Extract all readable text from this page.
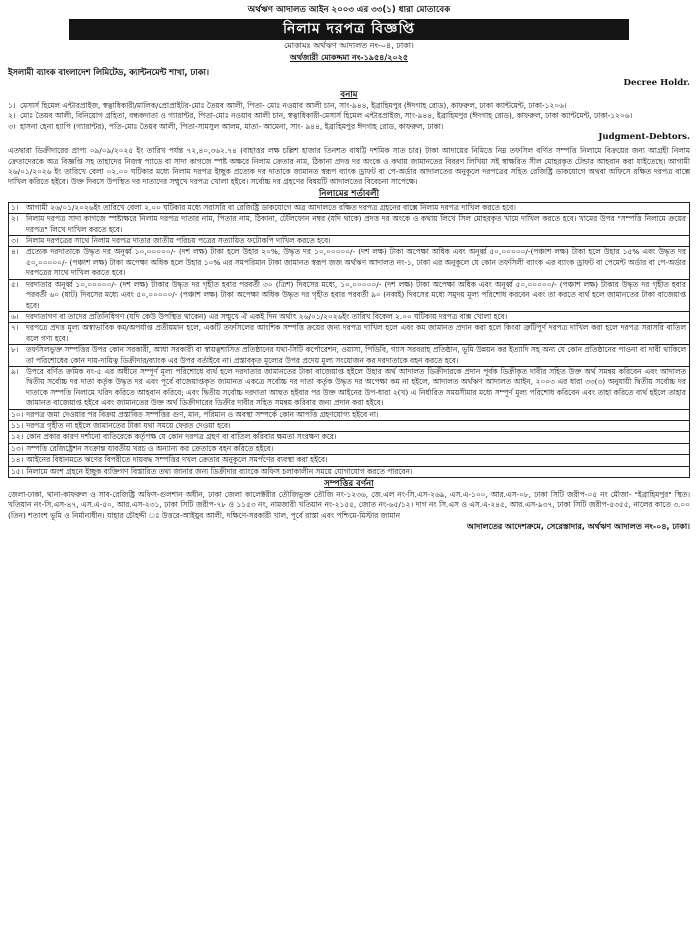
অর্থঋণ আদালত আইন ২০০৩ এর ৩৩(১) ধারা মোতাবেক
নিলাম দরপত্র বিজ্ঞপ্তি
মোকামঃ অর্থঋণ আদালত নং-০৪, ঢাকা।
অর্থজারী মোকদ্দমা নং-১৯৫৪/২০২৫
ইসলামী ব্যাংক বাংলাদেশ লিমিটেড, ক্যান্টনমেন্ট শাখা, ঢাকা।
Decree Holdr.
বনাম
১। মেসার্স হিমেল এন্টারপ্রাইজ, স্বত্বাধিকারী/মালিক/প্রোপ্রাইটর-মোঃ তৈয়ব আলী, পিতা- মোঃ নওয়াব আলী চান, সাং-৯৪৪, ইব্রাহিমপুর (ঈদগাহ রোড), কাফরুল, ঢাকা ক্যান্টমেন্ট, ঢাকা-১২০৬।
২। মোঃ তৈয়ব আলী, বিনিয়োগ গ্রহিতা, বন্ধকদাতা ও গ্যারান্টর, পিতা-মোঃ নওয়াব আলী চান, স্বত্বাধিকারী-মেসার্স হিমেল এন্টারপ্রাইজ, সাং-৯৪৪, ইব্রাহিমপুর (ঈদগাহ রোড), কাফরুল, ঢাকা ক্যান্টমেন্ট, ঢাকা-১২০৬।
৩। হাসনা হেনা হ্যাপি (গ্যারান্টর), পতি-মোঃ তৈয়ব আলী, পিতা-সামসুল আলম, মাতা- আমেনা, সাং- ৯৪৪, ইব্রাহিমপুর ঈদগাহ রোড, কাফরুল, ঢাকা।
Judgment-Debtors.
এতদ্বারা ডিক্রীদারের প্রাপ্য ০৯/০৯/২০২৫ ইং তারিখ পর্যন্ত ৭২,৪০,৩৬২.৭৪ (বাহাত্তর লক্ষ চল্লিশ হাজার তিনশত বাষট্টি দশমিক সাত চার) টাকা আদায়ের নিমিত্তে নিম্ন তফসিল বর্ণিত সম্পত্তি নিলামে বিক্রয়ের জন্য আগ্রহী নিলাম ক্রেতাদেরকে অত্র বিজ্ঞপ্তি সহ তাহাদের নিজস্ব প্যাডে বা সাদা কাগজে স্পষ্ট অক্ষরে নিলাম ক্রেতার নাম, ঠিকানা প্রদত্ত দর অংকে ও কথায় জামানতের বিবরণ লিখিয়া সই স্বাক্ষরিত সীল মোহরকৃত টেন্ডার আহবান করা যাইতেছে। আগামী ২৬/০১/২০২৬ ইং তারিখে বেলা ০২.০০ ঘটিকার মধ্যে নিলাম দরপত্র ইচ্ছুক প্রত্যেক দর দাতাকে জামানত স্বরূপ ব্যাংক ড্রাফট বা পে-অর্ডার আদালতের অনুকূলে দরপত্রের সহিত রেজিষ্ট্রি ডাকযোগে অথবা অফিসে রক্ষিত দরপত্র বাক্সে দাখিল করিতে হইবে। উক্ত দিবসে উপস্থিত দর দাতাদের সম্মুখে দরপত্র খোলা হইবে। সর্বোচ্চ দর গ্রহণের বিষয়টি আদালতের বিবেচনা সাপেক্ষে।
নিলামের শর্তাবলী
১।	আগামী ২৬/০১/২০২৬ইং তারিখে বেলা ২.০০ ঘটিকার মধ্যে সরাসরি বা রেজিষ্ট্রি ডাকযোগে অত্র আদালতে রক্ষিত দরপত্র গ্রহনের বাক্সে নিলাম দরপত্র দাখিল করতে হবে।
২।	নিলাম দরপত্র সাদা কাগজে স্পষ্টাক্ষরে নিলাম দরপত্র দাতার নাম, পিতার নাম, ঠিকানা, টেলিফোন নম্বর (যদি থাকে) প্রদত্ত দর অংকে ও কথায় লিখে সিল মোহরকৃত খামে দাখিল করতে হবে। খামের উপর "সম্পত্তি নিলামে ক্রয়ের দরপত্র" লিখে দাখিল করতে হবে।
৩।	নিলাম দরপত্রের সাথে নিলাম দরপত্র দাতার জাতীয় পরিচয় পত্রের সত্যায়িত ফটোকপি দাখিল করতে হবে।
৪।	প্রত্যেক দরদাতাকে উদ্ধৃত দর অনূর্ধ্ব ১০,০০০০০/- (দশ লক্ষ) টাকা হলে উহার ২০%, উদ্ধৃত দর ১০,০০০০০/- (দশ লক্ষ) টাকা অপেক্ষা অধিক এবং অনূর্ধ্ব ৫০,০০০০০/-(পঞ্চাশ লক্ষ) টাকা হলে উহার ১৫% এবং উদ্ধৃত দর ৫০,০০০০০/- (পঞ্চাশ লক্ষ) টাকা অপেক্ষা অধিক হলে উহার ১০% এর সমপরিমান টাকা জামানত স্বরূপ জজ অর্থঋণ আদালত নং-১, ঢাকা এর অনুকূলে যে কোন তফসিলী ব্যাংক এর ব্যাংক ড্রাফট বা পেমেন্ট অর্ডার বা পে-অর্ডার দরপত্রের সাথে দাখিল করতে হবে।
৫।	দরদাতার অনূর্ধ্ব ১০,০০০০০/- (দশ লক্ষ) টাকার উদ্ধৃত দর গৃহীত হবার পরবর্তী ৩০ (ত্রিশ) দিবসের মধ্যে, ১০,০০০০০/- (দশ লক্ষ) টাকা অপেক্ষা অধিক এবং অনূর্ধ্ব ৫০,০০০০০/- (পঞ্চাশ লক্ষ) টাকার উদ্ধৃত দর গৃহীত হবার পরবর্তী ৬০ (ষাট) দিবসের মধ্যে এবং ৫০,০০০০০/- (পঞ্চাশ লক্ষ) টাকা অপেক্ষা অধিক উদ্ধৃত দর গৃহীত হবার পরবর্তী ৯০ (নব্বই) দিবসের মধ্যে সমুদয় মূল্য পরিশোধ করবেন এবং তা করতে ব্যর্থ হলে জামানতের টাকা বাজেয়াপ্ত হবে।
৬।	দরদাতাগণ বা তাদের প্রতিনিধিগণ (যদি কেউ উপস্থিত থাকেন) এর সম্মুখে ঐ একই দিন অর্থাৎ ২৬/০১/২০২৬ইং তারিখ বিকেল ২.০০ ঘটিকায় দরপত্র বাক্স খোলা হবে।
৭।	দরপত্রে প্রদত্ত মূল্য অস্বাভাবিক কম/অপর্যাপ্ত প্রতীয়মান হলে, একটি তফসিলের আংশিক সম্পত্তি ক্রয়ের জন্য দরপত্র দাখিল হলে এবং কম জামানত প্রদান করা হলে কিংবা ত্রুটিপূর্ণ দরপত্র দাখিল করা হলে দরপত্র সরাসরি বাতিল বলে গণ্য হবে।
৮।	তফসিলভুক্ত সম্পত্তির উপর কোন সরকারী, আধা সরকারী বা স্বায়ত্বশাসিত প্রতিষ্ঠানের যথা-সিটি কর্পোরেশন, ওয়াসা, পিডিবি, গ্যাস সরবরাহ প্রতিষ্ঠান, ভূমি উন্নয়ন কর ইত্যাদি সহ অন্য যে কোন প্রতিষ্ঠানের পাওনা বা দাবী থাকিলে তা পরিশোধের কোন দায়-দায়িত্ব ডিক্রীদার/ব্যাংক এর উপর বর্তাইবে না। প্রস্তাবকৃত মূল্যের উপর প্রদেয় মূল্য সংযোজন কর দরদাতাকে বহন করতে হবে।
৯।	উপরে বর্ণিত ক্রমিক নং-৫ এর অধীনে সম্পূর্ণ মূল্য পরিশোধে ব্যর্থ হলে দরদাতার জামানতের টাকা বাজেয়াপ্ত হইলে উহার অর্থ আদালত ডিক্রীদারকে প্রদান পূর্বক ডিক্রীকৃত দাবীর সহিত উক্ত অর্থ সমন্বয় করিবেন এবং আদালত দ্বিতীয় সর্বোচ্চ দর দাতা কর্তৃক উদ্ধৃত দর এবং পূর্বে বাজেয়াপ্তকৃত জামানত একত্রে সর্বোচ্চ দর দাতা কর্তৃক উদ্ধৃত দর অপেক্ষা কম না হইলে, আদালত অর্থঋণ আদালত আইন, ২০০৩ এর ধারা ৩৩(৩) অনুযায়ী দ্বিতীয় সর্বোচ্চ দর দাতাকে সম্পত্তি নিলামে খরিদ করিতে আহবান করিবে; এবং দ্বিতীয় সর্বোচ্চ দরদাতা আহুত হইবার পর উক্ত আইনের উপ-ধারা ২(খ) এ নির্ধারিত সময়সীমার মধ্যে সম্পূর্ণ মূল্য পরিশোধ করিবেন এবং তাহা করিতে ব্যর্থ হইলে তাহার জামানত বাজেয়াপ্ত হইবে এবং জামানতের উক্ত অর্থ ডিক্রীদারের ডিক্রীর দাবীর সহিত সমন্বয় করিবার জন্য প্রদান করা হইবে।
১০। দরপত্র জমা দেওয়ার পর বিক্রয় প্রস্তাবিত সম্পত্তির গুণ, মান, পরিমান ও অবস্থা সম্পর্কে কোন আপত্তি গ্রহণযোগ্য হইবে না।
১১। দরপত্র গৃহীত না হইলে জামানতের টাকা যথা সময়ে ফেরত দেওয়া হবে।
১২। কোন প্রকার কারণ দর্শানো ব্যতিরেকে কর্তৃপক্ষ যে কোন দরপত্র গ্রহণ বা বাতিল করিবার ক্ষমতা সংরক্ষণ করে।
১৩। সম্পত্তি রেজিষ্ট্রেশন সংক্রান্ত যাবতীয় খরচ ও অন্যান্য কর ক্রেতাকে বহন করিতে হইবে।
১৪। আইনের বিধানমতে ঋণের বিপরীতে দায়বদ্ধ সম্পত্তির দখল ক্রেতার অনুকূলে সমর্পণের ব্যবস্থা করা হইবে।
১৫। নিলামে অংশ গ্রহনে ইচ্ছুক ব্যক্তিগণ বিস্তারিত তথ্য জানার জন্য ডিক্রীদার ব্যাংকে অফিস চলাকালীন সময়ে যোগাযোগ করতে পারবেন।
সম্পত্তির বর্ণনা
জেলা-ঢাকা, থানা-কাফরুল ও সাব-রেজিষ্ট্রি অফিস-গুলশান অধীন, ঢাকা জেলা কালেক্টরীর তৌজিভুক্ত তৌজি নং-১২৩৬, জে.এল নং-সি.এস-২৬৯, এস.এ-১০০, আর.এস-০৮, ঢাকা সিটি জরীপ-০৫ নং মৌজা- "ইব্রাহিমপুর" স্থিত। খতিয়ান নং-সি.এস-৪৭, এস.এ-৫০, আর.এস-২৩১, ঢাকা সিটি জরীপ-৭৮ ও ১১৫৩ নং, নামজারী খতিয়ান নং-২১৫৫, জোত নং-৬৫/১২। দাগ নং সি.এস ও এস.এ-২৪৫, আর.এস-৯৩৭, ঢাকা সিটি জরীপ-৫৩৫৫, নালের কাতে ৩.০০ (তিন) শতাংশ ভূমি ও নির্মানাধীন। যাহার চৌহদ্দী ঃ উত্তরে-আইয়ুব আলী, দক্ষিণে-সরকারী খাল, পূর্বে রাস্তা এবং পশ্চিমে-মিস্টার জামান
আদালতের আদেশক্রমে, সেরেস্তাদার, অর্থঋণ আদালত নং-০৪, ঢাকা।
